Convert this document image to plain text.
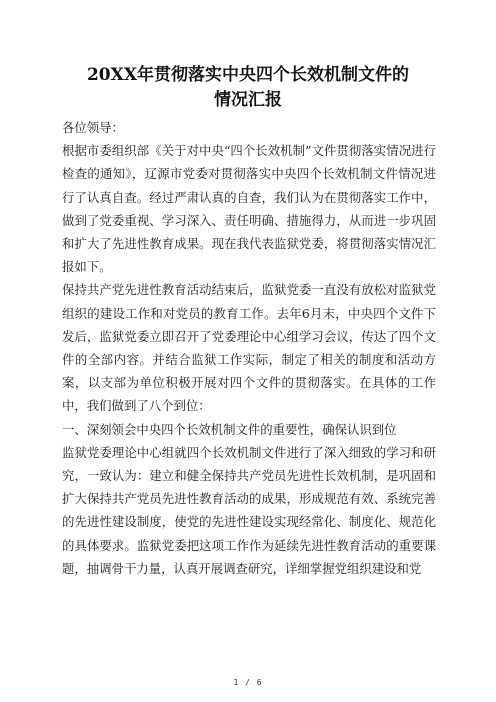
20XX年贯彻落实中央四个长效机制文件的
情况汇报

各位领导：

根据市委组织部《关于对中央“四个长效机制”文件贯彻落实情况进行检查的通知》，辽源市党委对贯彻落实中央四个长效机制文件情况进行了认真自查。经过严肃认真的自查，我们认为在贯彻落实工作中，做到了党委重视、学习深入、责任明确、措施得力，从而进一步巩固和扩大了先进性教育成果。现在我代表监狱党委，将贯彻落实情况汇报如下。

保持共产党先进性教育活动结束后，监狱党委一直没有放松对监狱党组织的建设工作和对党员的教育工作。去年6月末，中央四个文件下发后，监狱党委立即召开了党委理论中心组学习会议，传达了四个文件的全部内容。并结合监狱工作实际，制定了相关的制度和活动方案，以支部为单位积极开展对四个文件的贯彻落实。在具体的工作中，我们做到了八个到位：

一、深刻领会中央四个长效机制文件的重要性，确保认识到位

监狱党委理论中心组就四个长效机制文件进行了深入细致的学习和研究，一致认为：建立和健全保持共产党员先进性长效机制，是巩固和扩大保持共产党员先进性教育活动的成果，形成规范有效、系统完善的先进性建设制度，使党的先进性建设实现经常化、制度化、规范化的具体要求。监狱党委把这项工作作为延续先进性教育活动的重要课题，抽调骨干力量，认真开展调查研究，详细掌握党组织建设和党

1 / 6
